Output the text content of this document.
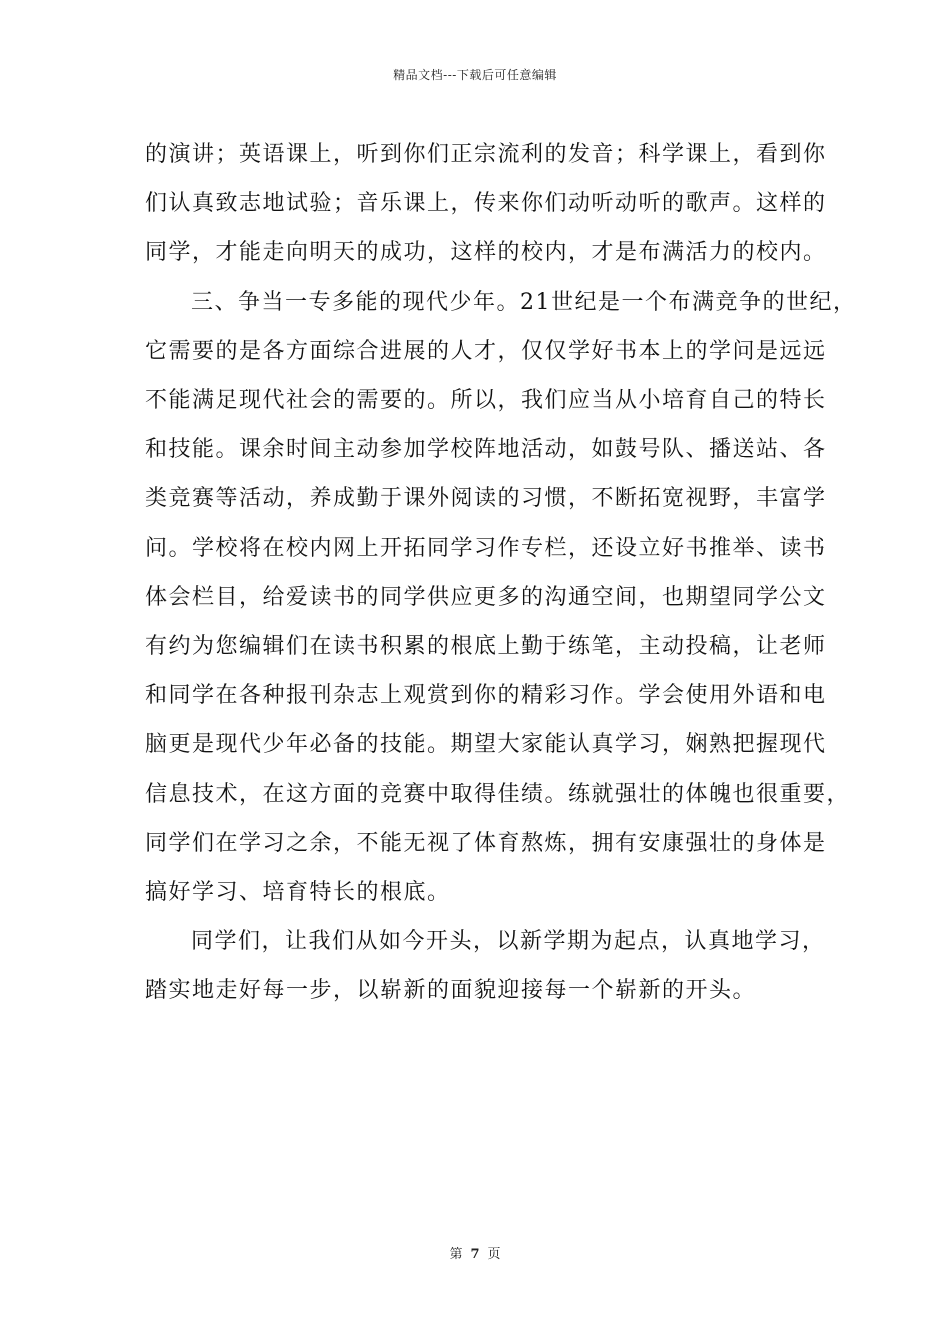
精品文档---下载后可任意编辑

的演讲；英语课上，听到你们正宗流利的发音；科学课上，看到你
们认真致志地试验；音乐课上，传来你们动听动听的歌声。这样的
同学，才能走向明天的成功，这样的校内，才是布满活力的校内。

三、争当一专多能的现代少年。21世纪是一个布满竞争的世纪，
它需要的是各方面综合进展的人才，仅仅学好书本上的学问是远远
不能满足现代社会的需要的。所以，我们应当从小培育自己的特长
和技能。课余时间主动参加学校阵地活动，如鼓号队、播送站、各
类竞赛等活动，养成勤于课外阅读的习惯，不断拓宽视野，丰富学
问。学校将在校内网上开拓同学习作专栏，还设立好书推举、读书
体会栏目，给爱读书的同学供应更多的沟通空间，也期望同学公文
有约为您编辑们在读书积累的根底上勤于练笔，主动投稿，让老师
和同学在各种报刊杂志上观赏到你的精彩习作。学会使用外语和电
脑更是现代少年必备的技能。期望大家能认真学习，娴熟把握现代
信息技术，在这方面的竞赛中取得佳绩。练就强壮的体魄也很重要，
同学们在学习之余，不能无视了体育熬炼，拥有安康强壮的身体是
搞好学习、培育特长的根底。

同学们，让我们从如今开头，以新学期为起点，认真地学习，
踏实地走好每一步，以崭新的面貌迎接每一个崭新的开头。

第 7 页
